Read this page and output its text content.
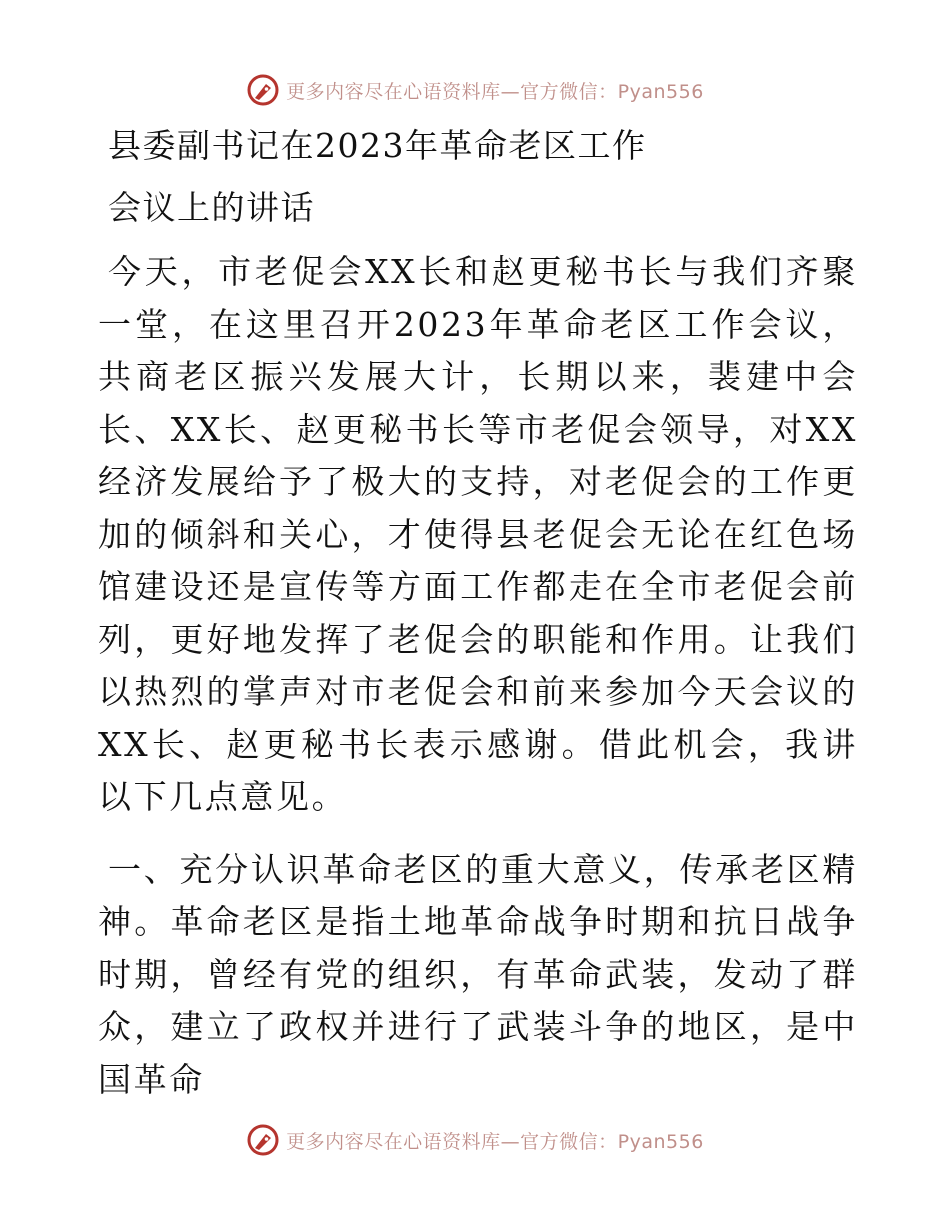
更多内容尽在心语资料库—官方微信：Pyan556
县委副书记在2023年革命老区工作
会议上的讲话

今天，市老促会XX长和赵更秘书长与我们齐聚一堂，在这里召开2023年革命老区工作会议，共商老区振兴发展大计，长期以来，裴建中会长、XX长、赵更秘书长等市老促会领导，对XX经济发展给予了极大的支持，对老促会的工作更加的倾斜和关心，才使得县老促会无论在红色场馆建设还是宣传等方面工作都走在全市老促会前列，更好地发挥了老促会的职能和作用。让我们以热烈的掌声对市老促会和前来参加今天会议的XX长、赵更秘书长表示感谢。借此机会，我讲以下几点意见。

一、充分认识革命老区的重大意义，传承老区精神。革命老区是指土地革命战争时期和抗日战争时期，曾经有党的组织，有革命武装，发动了群众，建立了政权并进行了武装斗争的地区，是中国革命

更多内容尽在心语资料库—官方微信：Pyan556
